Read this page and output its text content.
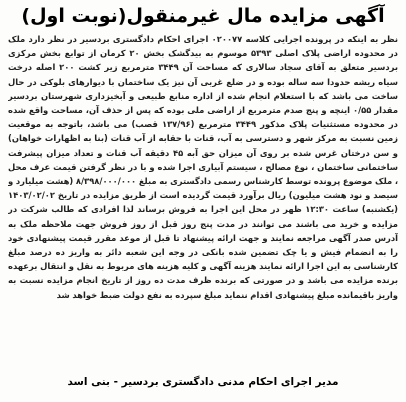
آگهی مزایده مال غیرمنقول(نوبت اول)

نظر به اینکه در پرونده اجرایی کلاسه ۰۲۰۰۷۷ اجرای احکام دادگستری بردسیر در نظر دارد ملک در محدوده اراضی پلاک اصلی ۵۳۹۳ موسوم به بیدگشک بخش ۲۰ کرمان از توابع بخش مرکزی بردسیر متعلق به آقای سجاد سالاری که مساحت آن ۳۴۴۹ مترمربع زیر کشت ۲۰۰ اصله درخت سیاه ریشه حدودا سه ساله بوده و در ضلع غربی آن نیز یک ساختمان با دیوارهای بلوکی در حال ساخت می باشد که با استعلام انجام شده از اداره منابع طبیعی و آبخیزداری شهرستان بردسیر مقدار ۰/۵۵ اینچه و پنج صدم مترمربع از اراضی ملی بوده که پس از حذف آن، مساحت واقع شده در محدوده مستثنیات پلاک مذکور ۳۴۴۹ مترمربع (۱۳۷/۹۶ قصب) می باشد، باتوجه به موقعیت زمین نسبت به مرکز شهر و دسترسی به آب، قنات با حقابه از آب قنات (بنا به اظهارات خواهان) و سن درختان غرس شده بر روی آن میزان حق آبه ۴۵ دقیقه آب قنات و تعداد میزان پیشرفت ساختمانی ساختمان ، نوع مصالح ، سیستم آبیاری اجرا شده و با در نظر گرفتن قیمت عرف محل ، ملک موضوع پرونده توسط کارشناس رسمی دادگستری به مبلغ ۸/۳۹۸/۰۰۰/۰۰۰ (هشت میلیارد و سیصد و نود هشت میلیون) ریال برآورد قیمت گردیده است از طریق مزایده در تاریخ ۱۴۰۳/۰۲/۰۲ (یکشنبه) ساعت ۱۲:۳۰ ظهر در محل این اجرا به فروش برساند لذا افرادی که طالب شرکت در مزایده و خرید می باشند می توانند در مدت پنج روز قبل از روز فروش جهت ملاحظه ملک به آدرس صدر آگهی مراجعه نمایند و جهت ارائه پیشنهاد تا قبل از موعد مقرر قیمت پیشنهادی خود را به انضمام فیش و یا چک تضمین شده بانکی در وجه این شعبه دائر به واریز ده درصد مبلغ کارشناسی به این اجرا ارائه نمایند هزینه آگهی و کلیه هزینه های مربوط به نقل و انتقال برعهده برنده مزایده می باشد و در صورتی که برنده ظرف مدت ده روز از تاریخ انجام مزایده نسبت به واریز باقیمانده مبلغ پیشنهادی اقدام ننماید مبلغ سپرده به نفع دولت ضبط خواهد شد

مدیر اجرای احکام مدنی دادگستری بردسیر - بنی اسد
